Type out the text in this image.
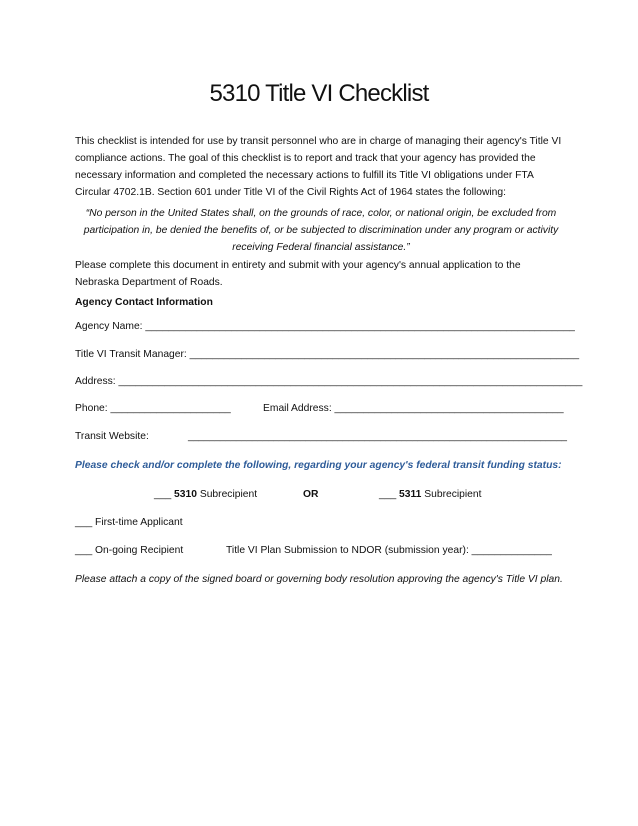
5310 Title VI Checklist
This checklist is intended for use by transit personnel who are in charge of managing their agency's Title VI compliance actions. The goal of this checklist is to report and track that your agency has provided the necessary information and completed the necessary actions to fulfill its Title VI obligations under FTA Circular 4702.1B. Section 601 under Title VI of the Civil Rights Act of 1964 states the following:
“No person in the United States shall, on the grounds of race, color, or national origin, be excluded from participation in, be denied the benefits of, or be subjected to discrimination under any program or activity receiving Federal financial assistance.”
Please complete this document in entirety and submit with your agency's annual application to the Nebraska Department of Roads.
Agency Contact Information
Agency Name: ___________________________________________________________________________
Title VI Transit Manager: ____________________________________________________________________
Address: _________________________________________________________________________________
Phone: _____________________	Email Address: ________________________________________
Transit Website:	_______________________________________________________________________
Please check and/or complete the following, regarding your agency's federal transit funding status:
___ 5310 Subrecipient	OR	___ 5311 Subrecipient
___ First-time Applicant
___ On-going Recipient	Title VI Plan Submission to NDOR (submission year): ______________
Please attach a copy of the signed board or governing body resolution approving the agency's Title VI plan.
